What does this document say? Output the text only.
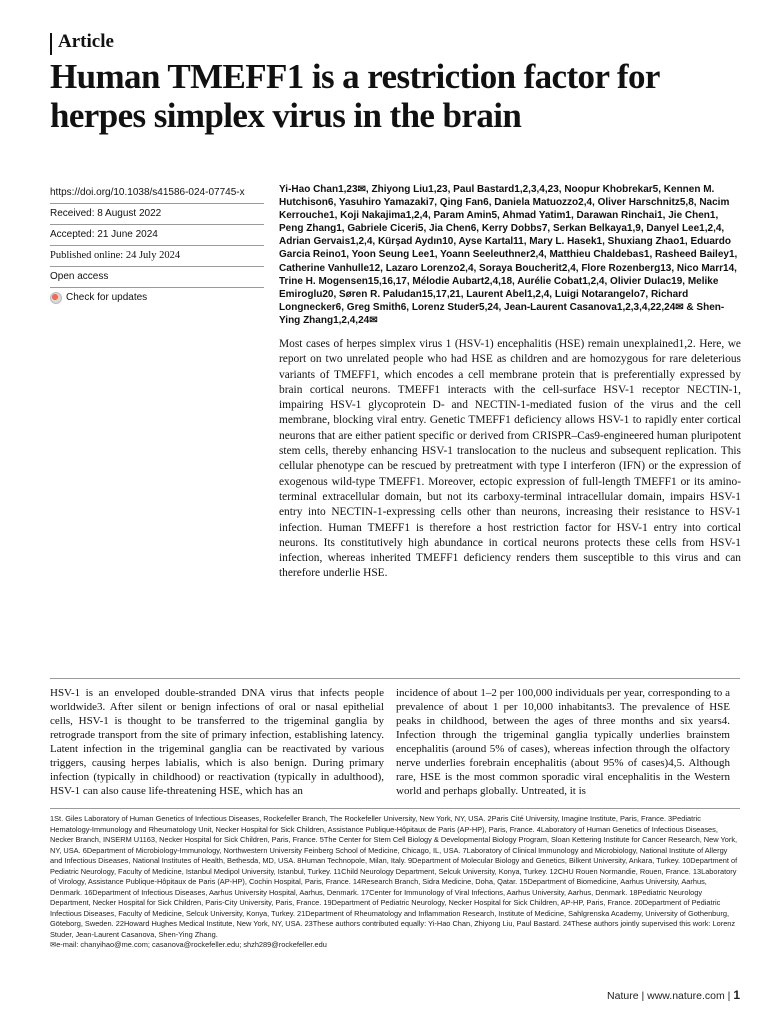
Article
Human TMEFF1 is a restriction factor for herpes simplex virus in the brain
https://doi.org/10.1038/s41586-024-07745-x
Received: 8 August 2022
Accepted: 21 June 2024
Published online: 24 July 2024
Open access
Check for updates

Yi-Hao Chan1,23✉, Zhiyong Liu1,23, Paul Bastard1,2,3,4,23, Noopur Khobrekar5, Kennen M. Hutchison6, Yasuhiro Yamazaki7, Qing Fan6, Daniela Matuozzo2,4, Oliver Harschnitz5,8, Nacim Kerrouche1, Koji Nakajima1,2,4, Param Amin5, Ahmad Yatim1, Darawan Rinchai1, Jie Chen1, Peng Zhang1, Gabriele Ciceri5, Jia Chen6, Kerry Dobbs7, Serkan Belkaya1,9, Danyel Lee1,2,4, Adrian Gervais1,2,4, Kürşad Aydın10, Ayse Kartal11, Mary L. Hasek1, Shuxiang Zhao1, Eduardo Garcia Reino1, Yoon Seung Lee1, Yoann Seeleuthner2,4, Matthieu Chaldebas1, Rasheed Bailey1, Catherine Vanhulle12, Lazaro Lorenzo2,4, Soraya Boucherit2,4, Flore Rozenberg13, Nico Marr14, Trine H. Mogensen15,16,17, Mélodie Aubart2,4,18, Aurélie Cobat1,2,4, Olivier Dulac19, Melike Emiroglu20, Søren R. Paludan15,17,21, Laurent Abel1,2,4, Luigi Notarangelo7, Richard Longnecker6, Greg Smith6, Lorenz Studer5,24, Jean-Laurent Casanova1,2,3,4,22,24✉ & Shen-Ying Zhang1,2,4,24✉

Most cases of herpes simplex virus 1 (HSV-1) encephalitis (HSE) remain unexplained1,2. Here, we report on two unrelated people who had HSE as children and are homozygous for rare deleterious variants of TMEFF1, which encodes a cell membrane protein that is preferentially expressed by brain cortical neurons. TMEFF1 interacts with the cell-surface HSV-1 receptor NECTIN-1, impairing HSV-1 glycoprotein D- and NECTIN-1-mediated fusion of the virus and the cell membrane, blocking viral entry. Genetic TMEFF1 deficiency allows HSV-1 to rapidly enter cortical neurons that are either patient specific or derived from CRISPR–Cas9-engineered human pluripotent stem cells, thereby enhancing HSV-1 translocation to the nucleus and subsequent replication. This cellular phenotype can be rescued by pretreatment with type I interferon (IFN) or the expression of exogenous wild-type TMEFF1. Moreover, ectopic expression of full-length TMEFF1 or its amino-terminal extracellular domain, but not its carboxy-terminal intracellular domain, impairs HSV-1 entry into NECTIN-1-expressing cells other than neurons, increasing their resistance to HSV-1 infection. Human TMEFF1 is therefore a host restriction factor for HSV-1 entry into cortical neurons. Its constitutively high abundance in cortical neurons protects these cells from HSV-1 infection, whereas inherited TMEFF1 deficiency renders them susceptible to this virus and can therefore underlie HSE.

HSV-1 is an enveloped double-stranded DNA virus that infects people worldwide3. After silent or benign infections of oral or nasal epithelial cells, HSV-1 is thought to be transferred to the trigeminal ganglia by retrograde transport from the site of primary infection, establishing latency. Latent infection in the trigeminal ganglia can be reactivated by various triggers, causing herpes labialis, which is also benign. During primary infection (typically in childhood) or reactivation (typically in adulthood), HSV-1 can also cause life-threatening HSE, which has an

incidence of about 1–2 per 100,000 individuals per year, corresponding to a prevalence of about 1 per 10,000 inhabitants3. The prevalence of HSE peaks in childhood, between the ages of three months and six years4. Infection through the trigeminal ganglia typically underlies brainstem encephalitis (around 5% of cases), whereas infection through the olfactory nerve underlies forebrain encephalitis (about 95% of cases)4,5. Although rare, HSE is the most common sporadic viral encephalitis in the Western world and perhaps globally. Untreated, it is

1St. Giles Laboratory of Human Genetics of Infectious Diseases, Rockefeller Branch, The Rockefeller University, New York, NY, USA. 2Paris Cité University, Imagine Institute, Paris, France. 3Pediatric Hematology-Immunology and Rheumatology Unit, Necker Hospital for Sick Children, Assistance Publique-Hôpitaux de Paris (AP-HP), Paris, France. 4Laboratory of Human Genetics of Infectious Diseases, Necker Branch, INSERM U1163, Necker Hospital for Sick Children, Paris, France. 5The Center for Stem Cell Biology & Developmental Biology Program, Sloan Kettering Institute for Cancer Research, New York, NY, USA. 6Department of Microbiology-Immunology, Northwestern University Feinberg School of Medicine, Chicago, IL, USA. 7Laboratory of Clinical Immunology and Microbiology, National Institute of Allergy and Infectious Diseases, National Institutes of Health, Bethesda, MD, USA. 8Human Technopole, Milan, Italy. 9Department of Molecular Biology and Genetics, Bilkent University, Ankara, Turkey. 10Department of Pediatric Neurology, Faculty of Medicine, Istanbul Medipol University, Istanbul, Turkey. 11Child Neurology Department, Selcuk University, Konya, Turkey. 12CHU Rouen Normandie, Rouen, France. 13Laboratory of Virology, Assistance Publique-Hôpitaux de Paris (AP-HP), Cochin Hospital, Paris, France. 14Research Branch, Sidra Medicine, Doha, Qatar. 15Department of Biomedicine, Aarhus University, Aarhus, Denmark. 16Department of Infectious Diseases, Aarhus University Hospital, Aarhus, Denmark. 17Center for Immunology of Viral Infections, Aarhus University, Aarhus, Denmark. 18Pediatric Neurology Department, Necker Hospital for Sick Children, Paris-City University, Paris, France. 19Department of Pediatric Neurology, Necker Hospital for Sick Children, AP-HP, Paris, France. 20Department of Pediatric Infectious Diseases, Faculty of Medicine, Selcuk University, Konya, Turkey. 21Department of Rheumatology and Inflammation Research, Institute of Medicine, Sahlgrenska Academy, University of Gothenburg, Göteborg, Sweden. 22Howard Hughes Medical Institute, New York, NY, USA. 23These authors contributed equally: Yi-Hao Chan, Zhiyong Liu, Paul Bastard. 24These authors jointly supervised this work: Lorenz Studer, Jean-Laurent Casanova, Shen-Ying Zhang.

✉e-mail: chanyihao@me.com; casanova@rockefeller.edu; shzh289@rockefeller.edu

Nature | www.nature.com | 1
